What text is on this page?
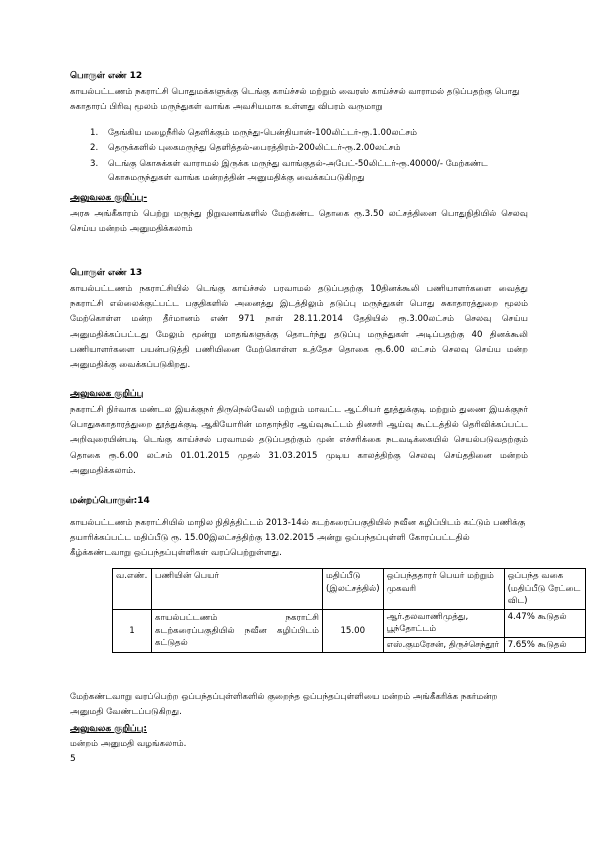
பொருள் எண் 12
காயல்பட்டணம் நகராட்சி பொதுமக்களுக்கு டெங்கு காய்ச்சல் மற்றும் வைரஸ் காய்ச்சல் வாராமல் தடுப்பதற்கு பொது சுகாதாரப் பிரிவு மூலம் மருந்துகள் வாங்க அவசியமாக உள்ளது விபரம் வருமாறு
1. தேங்கிய மழைநீரில் தெளிக்கும் மருந்து-பென்தியான்-100லிட்டர்-ரூ.1.00லட்சம்
2. தெருக்களில் புகைமருந்து தெளித்தல்-பைரத்திரம்-200லிட்டர்-ரூ.2.00லட்சம்
3. டெங்கு கொசுக்கள் வாராமல் இருக்க மருந்து வாங்குதல்-அபேட்-50லிட்டர்-ரூ.40000/- மேற்கண்ட கொசுமருந்துகள் வாங்க மன்றத்தின் அனுமதிக்கு வைக்கப்படுகிறது
அலுவலக குறிப்பு-
அரசு அங்கீகாரம் பெற்று மருந்து நிறுவனங்களில் மேற்கண்ட தொகை ரூ.3.50 லட்சத்தினை பொதுநிதியில் செலவு செய்ய மன்றம் அனுமதிக்கலாம்
பொருள் எண் 13
காயல்பட்டணம் நகராட்சியில் டெங்கு காய்ச்சல் பரவாமல் தடுப்பதற்கு 10தினக்கூலி பணியாளர்களை வைத்து நகராட்சி எல்லைக்குட்பட்ட பகுதிகளில் அனைத்து இடத்திலும் தடுப்பு மருந்துகள் பொது சுகாதாரத்துறை மூலம் மேற்கொள்ள மன்ற தீர்மானம் எண் 971 நாள் 28.11.2014 தேதியில் ரூ.3.00லட்சம் செலவு செய்ய அனுமதிக்கப்பட்டது மேலும் மூன்று மாதங்களுக்கு தொடர்ந்து தடுப்பு மருந்துகள் அடிப்பதற்கு 40 தினக்கூலி பணியாளர்களை பயன்படுத்தி பணியினை மேற்கொள்ள உத்தேச தொகை ரூ.6.00 லட்சம் செலவு செய்ய மன்ற அனுமதிக்கு வைக்கப்படுகிறது.
அலுவலக குறிப்பு
நகராட்சி நிர்வாக மண்டல இயக்குநர் திருநெல்வேலி மற்றும் மாவட்ட ஆட்சியர் தூத்துக்குடி மற்றும் துணை இயக்குநர் பொதுசுகாதாரத்துறை தூத்துக்குடி ஆகியோரின் மாதாந்திர ஆய்வுகூட்டம் தினசரி ஆய்வு கூட்டத்தில் தெரிவிக்கப்பட்ட அறிவுரையின்படி டெங்கு காய்ச்சல் பரவாமல் தடுப்பதற்கும் முன் எச்சரிக்கை நடவடிக்கையில் செயல்படுவதற்கும் தொகை ரூ.6.00 லட்சம் 01.01.2015 முதல் 31.03.2015 முடிய காலத்திற்கு செலவு செய்ததினை மன்றம் அனுமதிக்கலாம்.
மன்றப்பொருள்:14
காயல்பட்டணம் நகராட்சியில் மாநில நிதித்திட்டம் 2013-14ல் கடற்கரைப்பகுதியில் நவீன கழிப்பிடம் கட்டும் பணிக்கு தயாரிக்கப்பட்ட மதிப்பீடு ரூ. 15.00இலட்சத்திற்கு 13.02.2015 அன்று ஒப்பந்தப்புள்ளி கோரப்பட்டதில் கீழ்க்கண்டவாறு ஒப்பந்தப்புள்ளிகள் வரப்பெற்றுள்ளது.
வ.எண்.	பணியின் பெயர்	மதிப்பீடு (இலட்சத்தில்)	ஒப்பந்ததாரர் பெயர் மற்றும் முகவரி	ஒப்பந்த வகை (மதிப்பீடு ரேட்டை விட)
1	காயல்பட்டணம் நகராட்சி கடற்கரைப்பகுதியில் நவீன கழிப்பிடம் கட்டுதல்	15.00	ஆர்.தலவாணிமுத்து, பூந்தோட்டம்	4.47% கூடுதல்
			எஸ்.குமரேசன், திருச்செந்தூர்	7.65% கூடுதல்
மேற்கண்டவாறு வரப்பெற்ற ஒப்பந்தப்புள்ளிகளில் குறைந்த ஒப்பந்தப்புள்ளியை மன்றம் அங்கீகரிக்க நகர்மன்ற அனுமதி வேண்டப்படுகிறது.
அலுவலக குறிப்பு:
மன்றம் அனுமதி வழங்கலாம்.
5
